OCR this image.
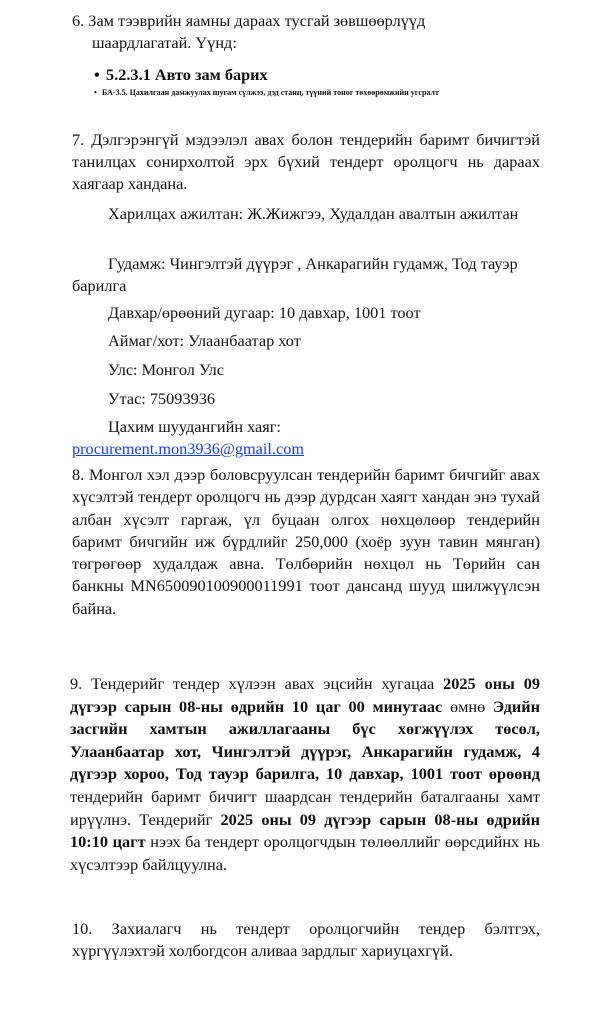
6. Зам тээврийн яамны дараах тусгай зөвшөөрлүүд
шаардлагатай. Үүнд:
• 5.2.3.1 Авто зам барих
• БА-3.5. Цахилгаан дамжуулах шугам сүлжээ, дэд станц, түүний тоног төхөөрөмжийн угсралт
7. Дэлгэрэнгүй мэдээлэл авах болон тендерийн баримт бичигтэй танилцах сонирхолтой эрх бүхий тендерт оролцогч нь дараах хаягаар хандана.
Харилцах ажилтан: Ж.Жижгээ, Худалдан авалтын ажилтан
Гудамж: Чингэлтэй дүүрэг , Анкарагийн гудамж, Тод тауэр барилга
Давхар/өрөөний дугаар: 10 давхар, 1001 тоот
Аймаг/хот: Улаанбаатар хот
Улс: Монгол Улс
Утас: 75093936
Цахим шуудангийн хаяг:
procurement.mon3936@gmail.com
8. Монгол хэл дээр боловсруулсан тендерийн баримт бичгийг авах хүсэлтэй тендерт оролцогч нь дээр дурдсан хаягт хандан энэ тухай албан хүсэлт гаргаж, үл буцаан олгох нөхцөлөөр тендерийн баримт бичгийн иж бүрдлийг 250,000 (хоёр зуун тавин мянган) төгрөгөөр худалдаж авна. Төлбөрийн нөхцөл нь Төрийн сан банкны MN650090100900011991 тоот дансанд шууд шилжүүлсэн байна.
9. Тендерийг тендер хүлээн авах эцсийн хугацаа 2025 оны 09 дүгээр сарын 08-ны өдрийн 10 цаг 00 минутаас өмнө Эдийн засгийн хамтын ажиллагааны бүс хөгжүүлэх төсөл, Улаанбаатар хот, Чингэлтэй дүүрэг, Анкарагийн гудамж, 4 дүгээр хороо, Тод тауэр барилга, 10 давхар, 1001 тоот өрөөнд тендерийн баримт бичигт шаардсан тендерийн баталгааны хамт ирүүлнэ. Тендерийг 2025 оны 09 дүгээр сарын 08-ны өдрийн 10:10 цагт нээх ба тендерт оролцогчдын төлөөллийг өөрсдийнх нь хүсэлтээр байлцуулна.
10. Захиалагч нь тендерт оролцогчийн тендер бэлтгэх, хүргүүлэхтэй холбогдсон аливаа зардлыг хариуцахгүй.
